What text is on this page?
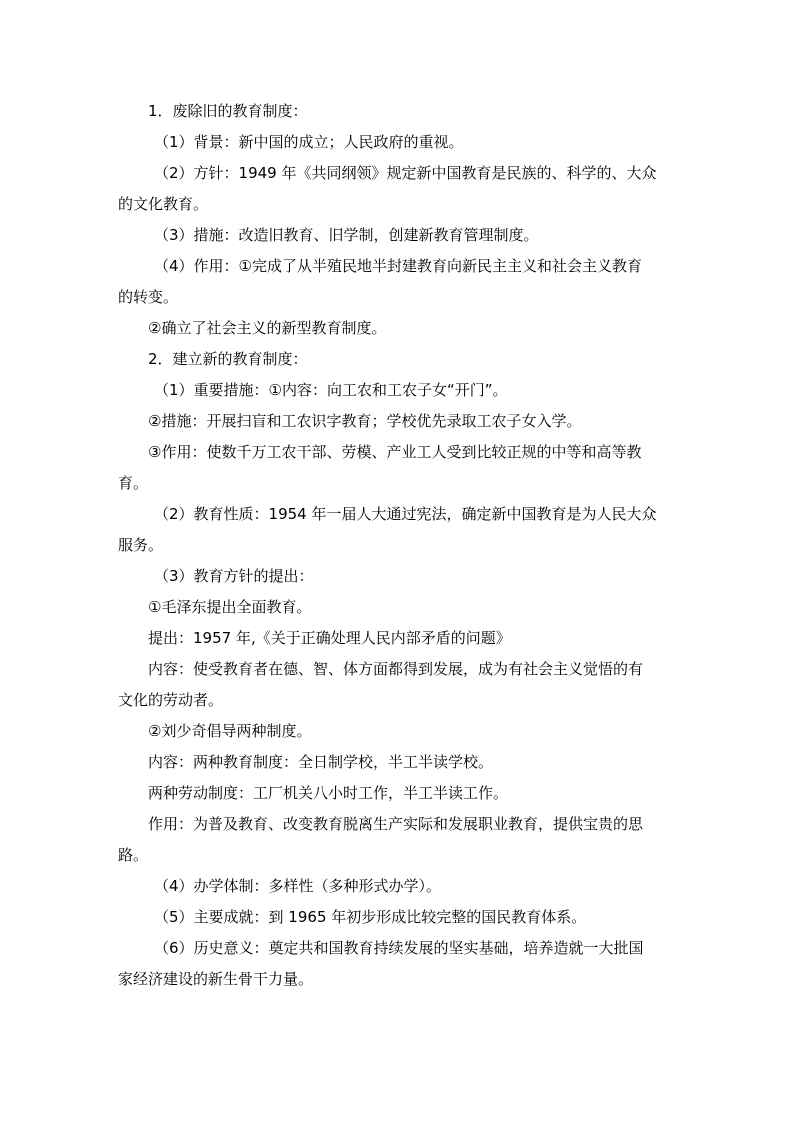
1．废除旧的教育制度：

（1）背景：新中国的成立；人民政府的重视。

（2）方针：1949 年《共同纲领》规定新中国教育是民族的、科学的、大众

的文化教育。

（3）措施：改造旧教育、旧学制，创建新教育管理制度。

（4）作用：①完成了从半殖民地半封建教育向新民主主义和社会主义教育

的转变。

②确立了社会主义的新型教育制度。

2．建立新的教育制度：

（1）重要措施：①内容：向工农和工农子女“开门”。

②措施：开展扫盲和工农识字教育；学校优先录取工农子女入学。

③作用：使数千万工农干部、劳模、产业工人受到比较正规的中等和高等教

育。

（2）教育性质：1954 年一届人大通过宪法，确定新中国教育是为人民大众

服务。

（3）教育方针的提出：

①毛泽东提出全面教育。

提出：1957 年,《关于正确处理人民内部矛盾的问题》

内容：使受教育者在德、智、体方面都得到发展，成为有社会主义觉悟的有

文化的劳动者。

②刘少奇倡导两种制度。

内容：两种教育制度：全日制学校，半工半读学校。

两种劳动制度：工厂机关八小时工作，半工半读工作。

作用：为普及教育、改变教育脱离生产实际和发展职业教育，提供宝贵的思

路。

（4）办学体制：多样性（多种形式办学）。

（5）主要成就：到 1965 年初步形成比较完整的国民教育体系。

（6）历史意义：奠定共和国教育持续发展的坚实基础，培养造就一大批国

家经济建设的新生骨干力量。
